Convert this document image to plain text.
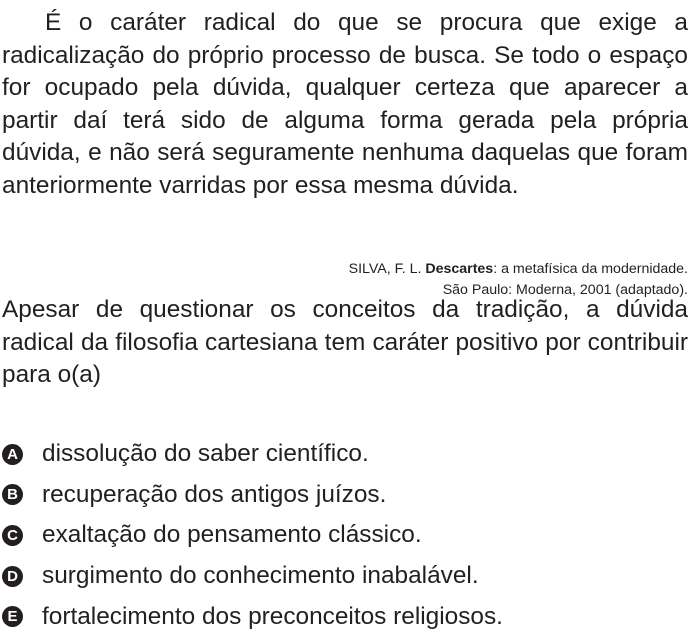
É o caráter radical do que se procura que exige a radicalização do próprio processo de busca. Se todo o espaço for ocupado pela dúvida, qualquer certeza que aparecer a partir daí terá sido de alguma forma gerada pela própria dúvida, e não será seguramente nenhuma daquelas que foram anteriormente varridas por essa mesma dúvida.

SILVA, F. L. Descartes: a metafísica da modernidade.
São Paulo: Moderna, 2001 (adaptado).

Apesar de questionar os conceitos da tradição, a dúvida radical da filosofia cartesiana tem caráter positivo por contribuir para o(a)

A dissolução do saber científico.
B recuperação dos antigos juízos.
C exaltação do pensamento clássico.
D surgimento do conhecimento inabalável.
E fortalecimento dos preconceitos religiosos.
